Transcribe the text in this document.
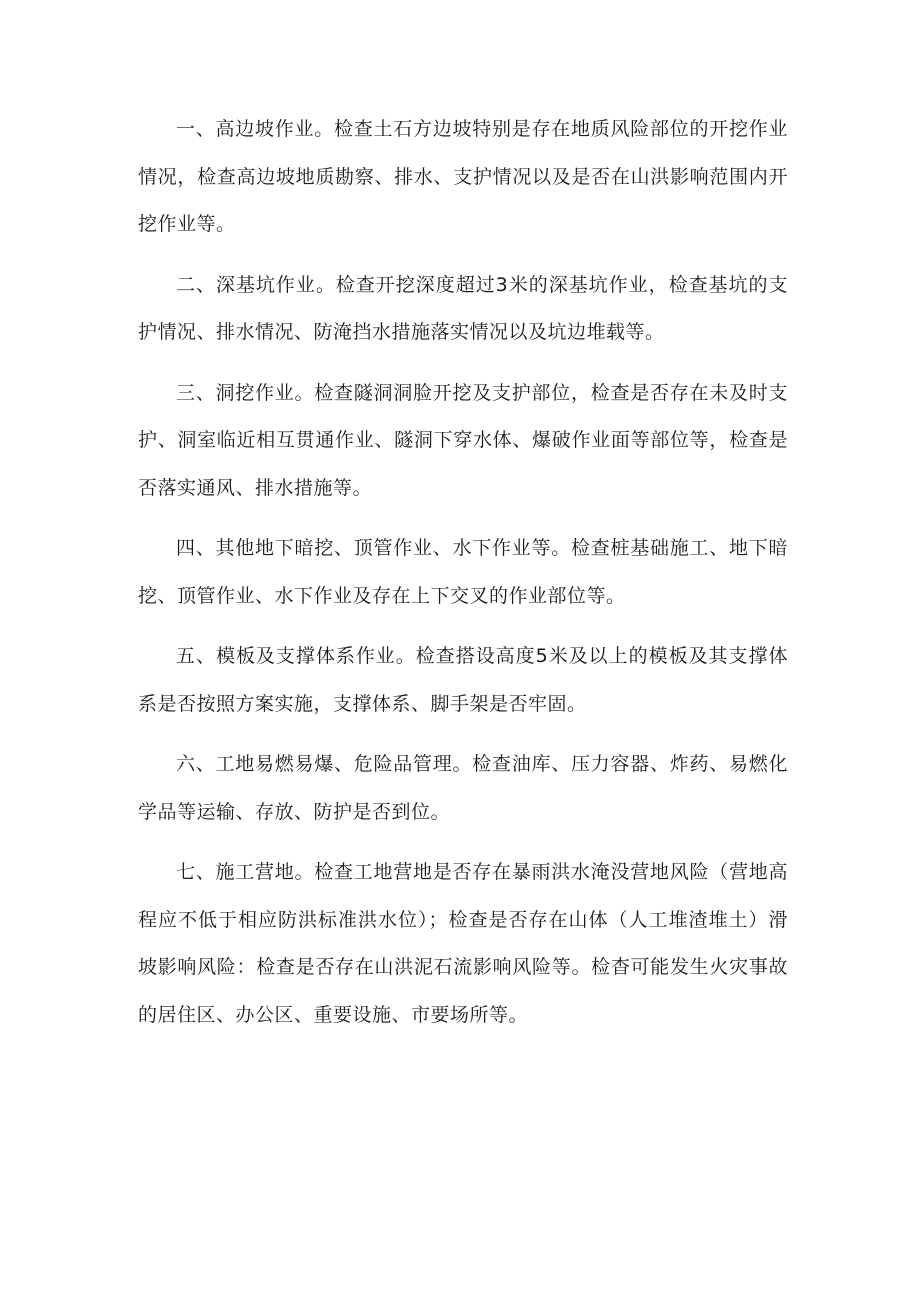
一、高边坡作业。检查土石方边坡特别是存在地质风险部位的开挖作业情况，检查高边坡地质勘察、排水、支护情况以及是否在山洪影响范围内开挖作业等。

二、深基坑作业。检查开挖深度超过3米的深基坑作业，检查基坑的支护情况、排水情况、防淹挡水措施落实情况以及坑边堆载等。

三、洞挖作业。检查隧洞洞脸开挖及支护部位，检查是否存在未及时支护、洞室临近相互贯通作业、隧洞下穿水体、爆破作业面等部位等，检查是否落实通风、排水措施等。

四、其他地下暗挖、顶管作业、水下作业等。检查桩基础施工、地下暗挖、顶管作业、水下作业及存在上下交叉的作业部位等。

五、模板及支撑体系作业。检查搭设高度5米及以上的模板及其支撑体系是否按照方案实施，支撑体系、脚手架是否牢固。

六、工地易燃易爆、危险品管理。检查油库、压力容器、炸药、易燃化学品等运输、存放、防护是否到位。

七、施工营地。检查工地营地是否存在暴雨洪水淹没营地风险（营地高程应不低于相应防洪标准洪水位）；检查是否存在山体（人工堆渣堆土）滑坡影响风险：检查是否存在山洪泥石流影响风险等。检杳可能发生火灾事故的居住区、办公区、重要设施、市要场所等。
